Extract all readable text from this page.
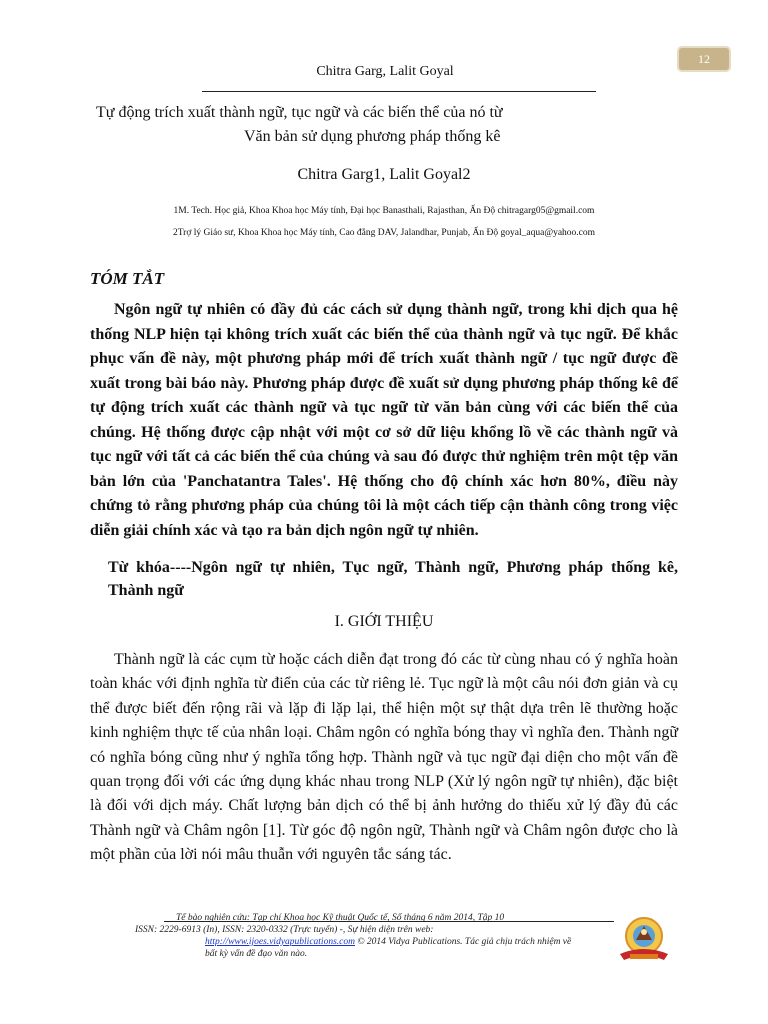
12
Chitra Garg, Lalit Goyal
Tự động trích xuất thành ngữ, tục ngữ và các biến thể của nó từ
Văn bản sử dụng phương pháp thống kê
Chitra Garg1, Lalit Goyal2
1M. Tech. Học giả, Khoa Khoa học Máy tính, Đại học Banasthali, Rajasthan, Ấn Độ chitragarg05@gmail.com
2Trợ lý Giáo sư, Khoa Khoa học Máy tính, Cao đẳng DAV, Jalandhar, Punjab, Ấn Độ goyal_aqua@yahoo.com
TÓM TẮT

Ngôn ngữ tự nhiên có đầy đủ các cách sử dụng thành ngữ, trong khi dịch qua hệ thống NLP hiện tại không trích xuất các biến thể của thành ngữ và tục ngữ. Để khắc phục vấn đề này, một phương pháp mới để trích xuất thành ngữ / tục ngữ được đề xuất trong bài báo này. Phương pháp được đề xuất sử dụng phương pháp thống kê để tự động trích xuất các thành ngữ và tục ngữ từ văn bản cùng với các biến thể của chúng. Hệ thống được cập nhật với một cơ sở dữ liệu khổng lồ về các thành ngữ và tục ngữ với tất cả các biến thể của chúng và sau đó được thử nghiệm trên một tệp văn bản lớn của 'Panchatantra Tales'. Hệ thống cho độ chính xác hơn 80%, điều này chứng tỏ rằng phương pháp của chúng tôi là một cách tiếp cận thành công trong việc diễn giải chính xác và tạo ra bản dịch ngôn ngữ tự nhiên.

Từ khóa----Ngôn ngữ tự nhiên, Tục ngữ, Thành ngữ, Phương pháp thống kê, Thành ngữ

I. GIỚI THIỆU

Thành ngữ là các cụm từ hoặc cách diễn đạt trong đó các từ cùng nhau có ý nghĩa hoàn toàn khác với định nghĩa từ điển của các từ riêng lẻ. Tục ngữ là một câu nói đơn giản và cụ thể được biết đến rộng rãi và lặp đi lặp lại, thể hiện một sự thật dựa trên lẽ thường hoặc kinh nghiệm thực tế của nhân loại. Châm ngôn có nghĩa bóng thay vì nghĩa đen. Thành ngữ có nghĩa bóng cũng như ý nghĩa tổng hợp. Thành ngữ và tục ngữ đại diện cho một vấn đề quan trọng đối với các ứng dụng khác nhau trong NLP (Xử lý ngôn ngữ tự nhiên), đặc biệt là đối với dịch máy. Chất lượng bản dịch có thể bị ảnh hưởng do thiếu xử lý đầy đủ các Thành ngữ và Châm ngôn [1]. Từ góc độ ngôn ngữ, Thành ngữ và Châm ngôn được cho là một phần của lời nói mâu thuẫn với nguyên tắc sáng tác.

Tế bào nghiên cứu: Tạp chí Khoa học Kỹ thuật Quốc tế, Số tháng 6 năm 2014, Tập 10
ISSN: 2229-6913 (In), ISSN: 2320-0332 (Trực tuyến) -, Sự hiện diện trên web:
http://www.ijoes.vidyapublications.com © 2014 Vidya Publications. Tác giả chịu trách nhiệm về
bất kỳ vấn đề đạo văn nào.
